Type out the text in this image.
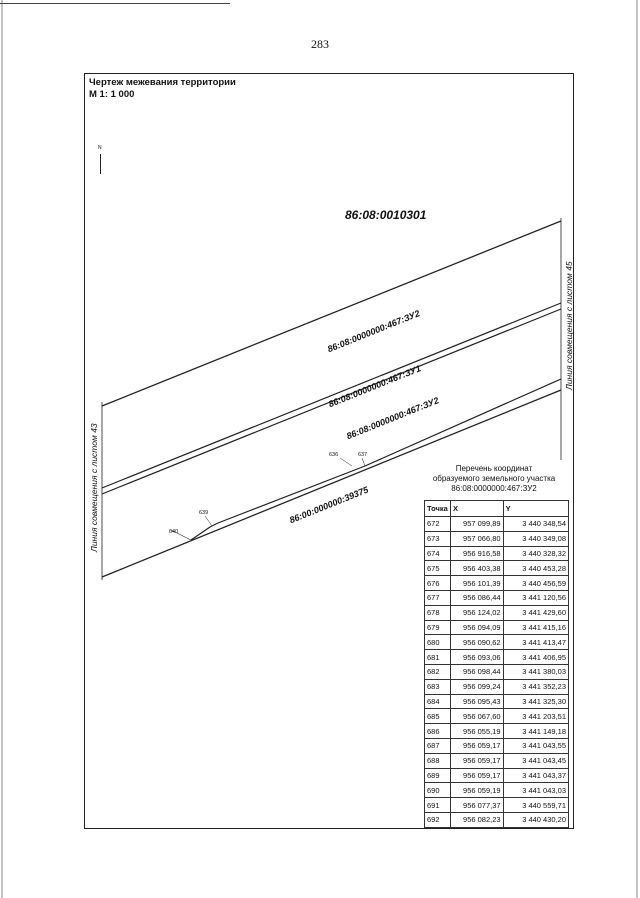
283
Чертеж межевания территории
М 1: 1 000
N
86:08:0010301
86:08:0000000:467:ЗУ2
86:08:0000000:467:ЗУ1
86:08:0000000:467:ЗУ2
86:00:000000:39375
Линия совмещения с листом 43
Линия совмещения с листом 45
636	637
639
640
Перечень координат
образуемого земельного участка
86:08:0000000:467:ЗУ2
Точка	X	Y
672	957 099,89	3 440 348,54
673	957 066,80	3 440 349,08
674	956 916,58	3 440 328,32
675	956 403,38	3 440 453,28
676	956 101,39	3 440 456,59
677	956 086,44	3 441 120,56
678	956 124,02	3 441 429,60
679	956 094,09	3 441 415,16
680	956 090,62	3 441 413,47
681	956 093,06	3 441 406,95
682	956 098,44	3 441 380,03
683	956 099,24	3 441 352,23
684	956 095,43	3 441 325,30
685	956 067,60	3 441 203,51
686	956 055,19	3 441 149,18
687	956 059,17	3 441 043,55
688	956 059,17	3 441 043,45
689	956 059,17	3 441 043,37
690	956 059,19	3 441 043,03
691	956 077,37	3 440 559,71
692	956 082,23	3 440 430,20
